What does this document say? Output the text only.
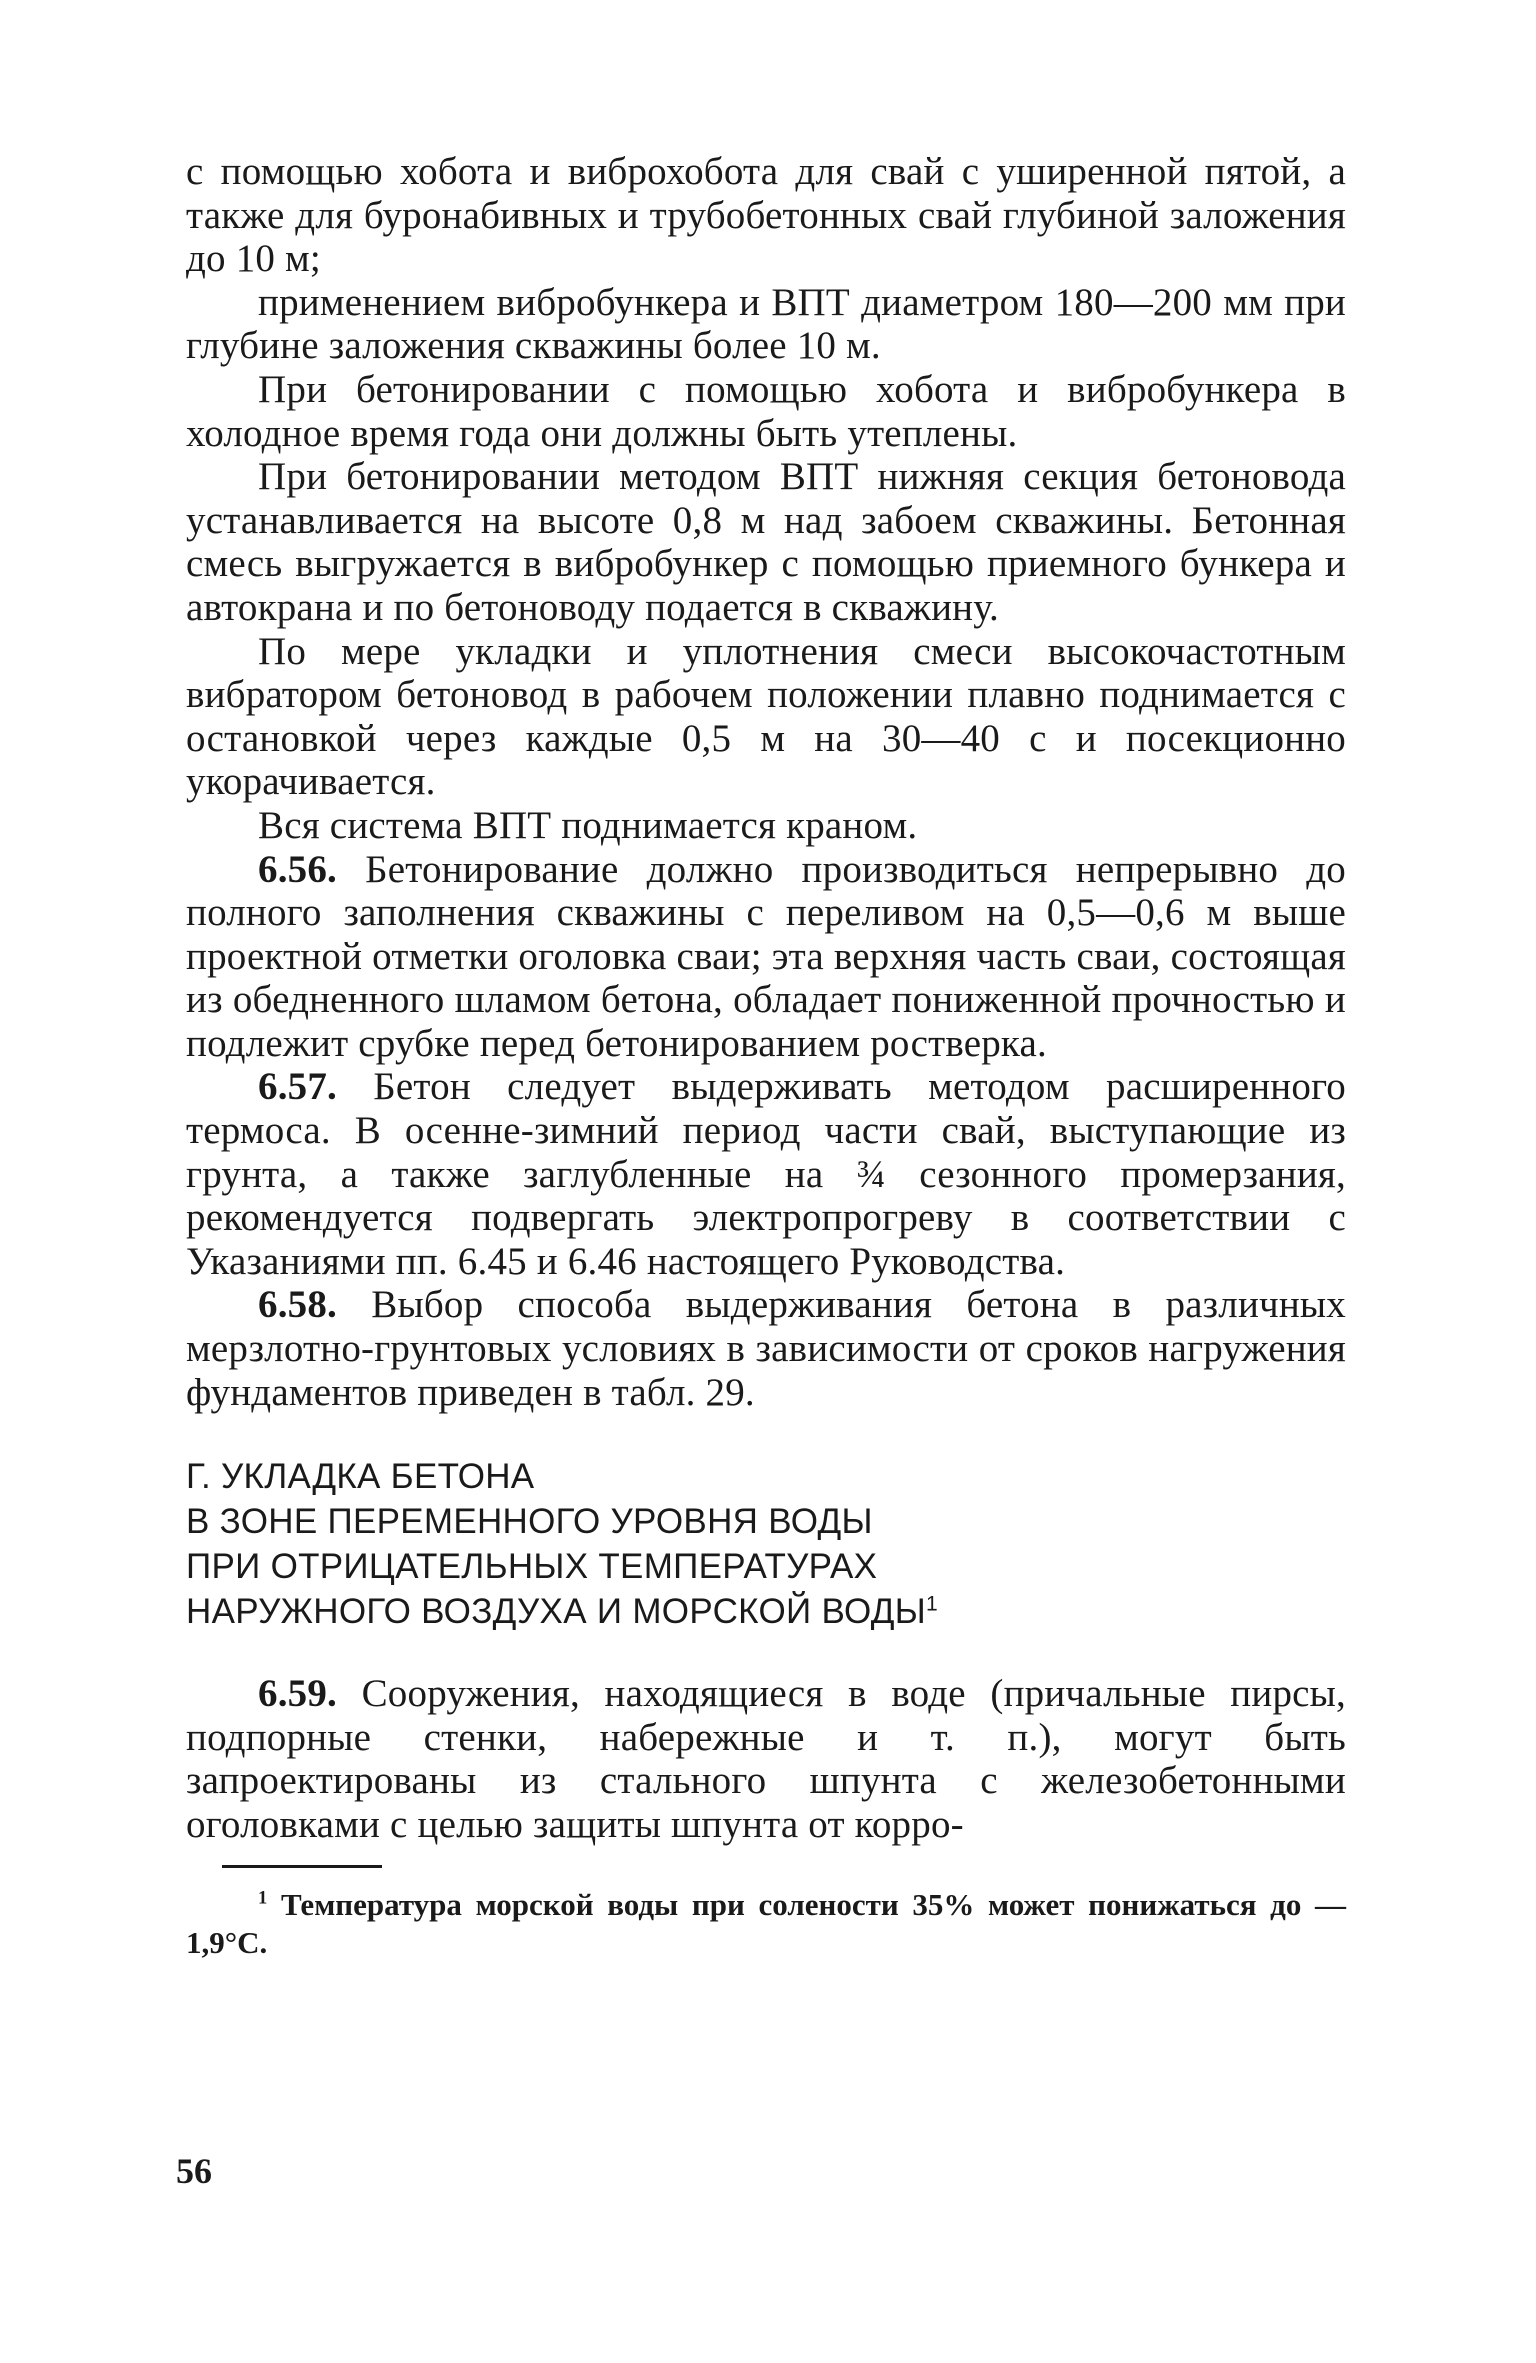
с помощью хобота и виброхобота для свай с уширенной пятой, а также для буронабивных и трубобетонных свай глубиной заложения до 10 м;

применением вибробункера и ВПТ диаметром 180—200 мм при глубине заложения скважины более 10 м.

При бетонировании с помощью хобота и вибробункера в холодное время года они должны быть утеплены.

При бетонировании методом ВПТ нижняя секция бетоновода устанавливается на высоте 0,8 м над забоем скважины. Бетонная смесь выгружается в вибробункер с помощью приемного бункера и автокрана и по бетоноводу подается в скважину.

По мере укладки и уплотнения смеси высокочастотным вибратором бетоновод в рабочем положении плавно поднимается с остановкой через каждые 0,5 м на 30—40 с и посекционно укорачивается.

Вся система ВПТ поднимается краном.

6.56. Бетонирование должно производиться непрерывно до полного заполнения скважины с переливом на 0,5—0,6 м выше проектной отметки оголовка сваи; эта верхняя часть сваи, состоящая из обедненного шламом бетона, обладает пониженной прочностью и подлежит срубке перед бетонированием ростверка.

6.57. Бетон следует выдерживать методом расширенного термоса. В осенне-зимний период части свай, выступающие из грунта, а также заглубленные на ¾ сезонного промерзания, рекомендуется подвергать электропрогреву в соответствии с Указаниями пп. 6.45 и 6.46 настоящего Руководства.

6.58. Выбор способа выдерживания бетона в различных мерзлотно-грунтовых условиях в зависимости от сроков нагружения фундаментов приведен в табл. 29.

Г. УКЛАДКА БЕТОНА
В ЗОНЕ ПЕРЕМЕННОГО УРОВНЯ ВОДЫ
ПРИ ОТРИЦАТЕЛЬНЫХ ТЕМПЕРАТУРАХ
НАРУЖНОГО ВОЗДУХА И МОРСКОЙ ВОДЫ$^1$

6.59. Сооружения, находящиеся в воде (причальные пирсы, подпорные стенки, набережные и т. п.), могут быть запроектированы из стального шпунта с железобетонными оголовками с целью защиты шпунта от корро-

$^1$ Температура морской воды при солености 35% может понижаться до —1,9°С.

56
